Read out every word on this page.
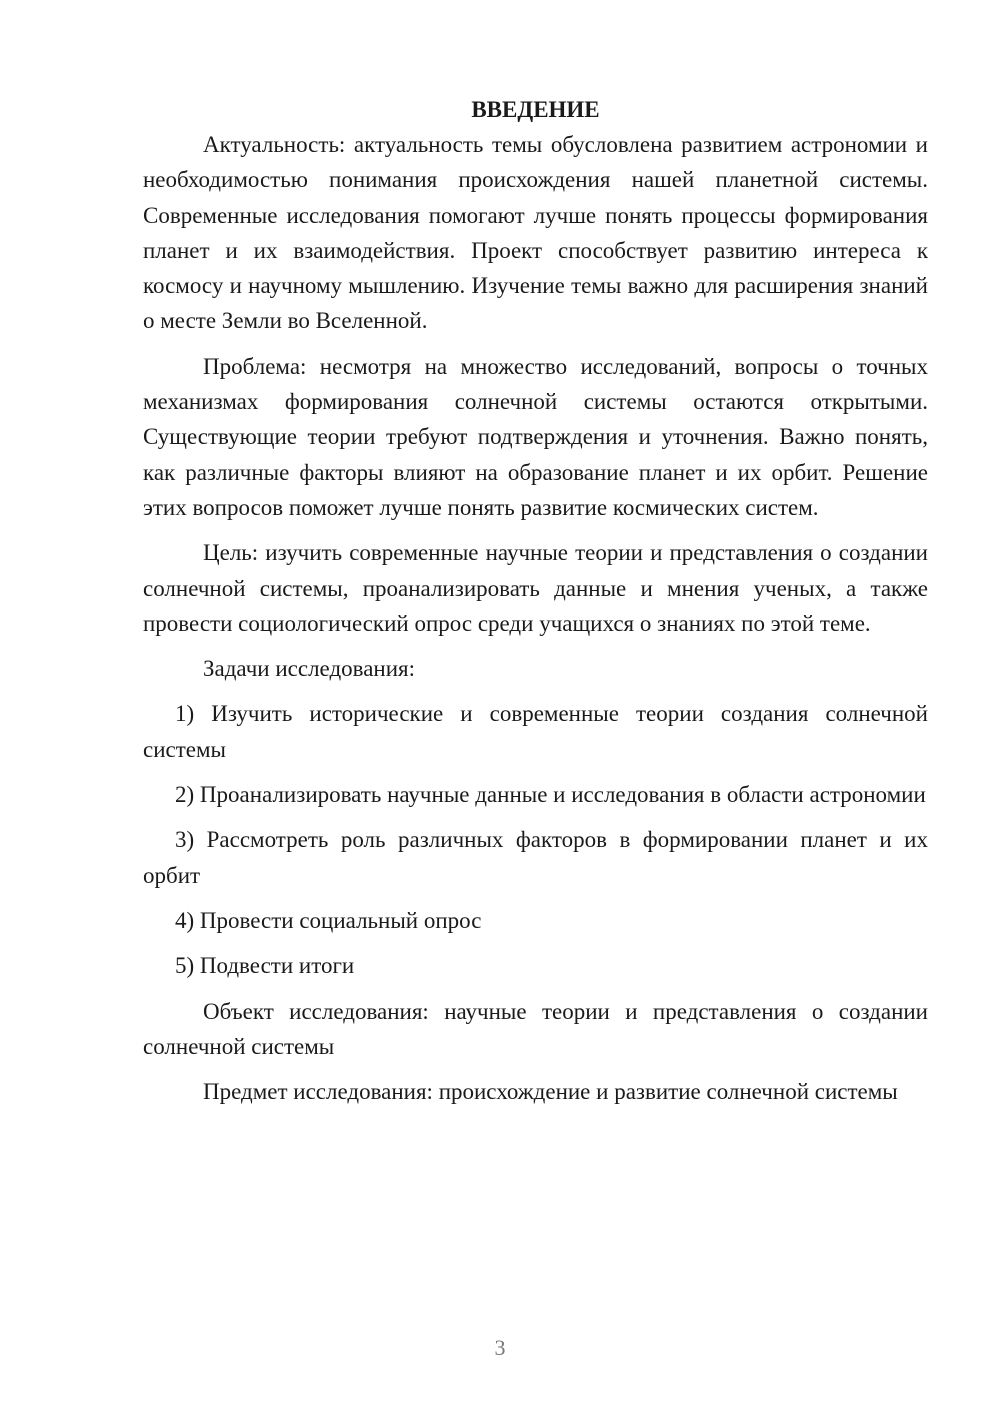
ВВЕДЕНИЕ

Актуальность: актуальность темы обусловлена развитием астрономии и необходимостью понимания происхождения нашей планетной системы. Современные исследования помогают лучше понять процессы формирования планет и их взаимодействия. Проект способствует развитию интереса к космосу и научному мышлению. Изучение темы важно для расширения знаний о месте Земли во Вселенной.

Проблема: несмотря на множество исследований, вопросы о точных механизмах формирования солнечной системы остаются открытыми. Существующие теории требуют подтверждения и уточнения. Важно понять, как различные факторы влияют на образование планет и их орбит. Решение этих вопросов поможет лучше понять развитие космических систем.

Цель: изучить современные научные теории и представления о создании солнечной системы, проанализировать данные и мнения ученых, а также провести социологический опрос среди учащихся о знаниях по этой теме.

Задачи исследования:

1) Изучить исторические и современные теории создания солнечной системы

2) Проанализировать научные данные и исследования в области астрономии

3) Рассмотреть роль различных факторов в формировании планет и их орбит

4) Провести социальный опрос

5) Подвести итоги

Объект исследования: научные теории и представления о создании солнечной системы

Предмет исследования: происхождение и развитие солнечной системы

3
